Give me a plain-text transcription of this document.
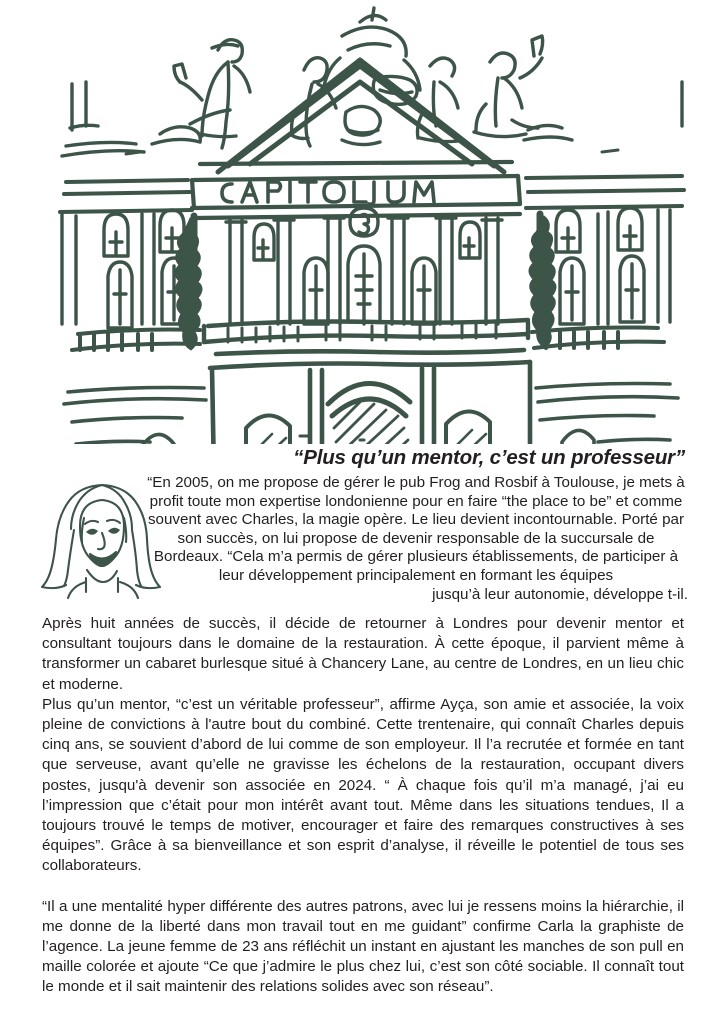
“Plus qu’un mentor, c’est un professeur”
“En 2005, on me propose de gérer le pub Frog and Rosbif à Toulouse, je mets à profit toute mon expertise londonienne pour en faire “the place to be” et comme souvent avec Charles, la magie opère. Le lieu devient incontournable. Porté par son succès, on lui propose de devenir responsable de la succursale de Bordeaux. “Cela m’a permis de gérer plusieurs établissements, de participer à leur développement principalement en formant les équipes
jusqu’à leur autonomie, développe t-il.

Après huit années de succès, il décide de retourner à Londres pour devenir mentor et consultant toujours dans le domaine de la restauration. À cette époque, il parvient même à transformer un cabaret burlesque situé à Chancery Lane, au centre de Londres, en un lieu chic et moderne.

Plus qu’un mentor, “c’est un véritable professeur”, affirme Ayça, son amie et associée, la voix pleine de convictions à l'autre bout du combiné. Cette trentenaire, qui connaît Charles depuis cinq ans, se souvient d’abord de lui comme de son employeur. Il l’a recrutée et formée en tant que serveuse, avant qu’elle ne gravisse les échelons de la restauration, occupant divers postes, jusqu'à devenir son associée en 2024. “ À chaque fois qu’il m’a managé, j’ai eu l’impression que c’était pour mon intérêt avant tout. Même dans les situations tendues, Il a toujours trouvé le temps de motiver, encourager et faire des remarques constructives à ses équipes”. Grâce à sa bienveillance et son esprit d’analyse, il réveille le potentiel de tous ses collaborateurs.

“Il a une mentalité hyper différente des autres patrons, avec lui je ressens moins la hiérarchie, il me donne de la liberté dans mon travail tout en me guidant” confirme Carla la graphiste de l’agence. La jeune femme de 23 ans réfléchit un instant en ajustant les manches de son pull en maille colorée et ajoute “Ce que j’admire le plus chez lui, c’est son côté sociable. Il connaît tout le monde et il sait maintenir des relations solides avec son réseau”.
